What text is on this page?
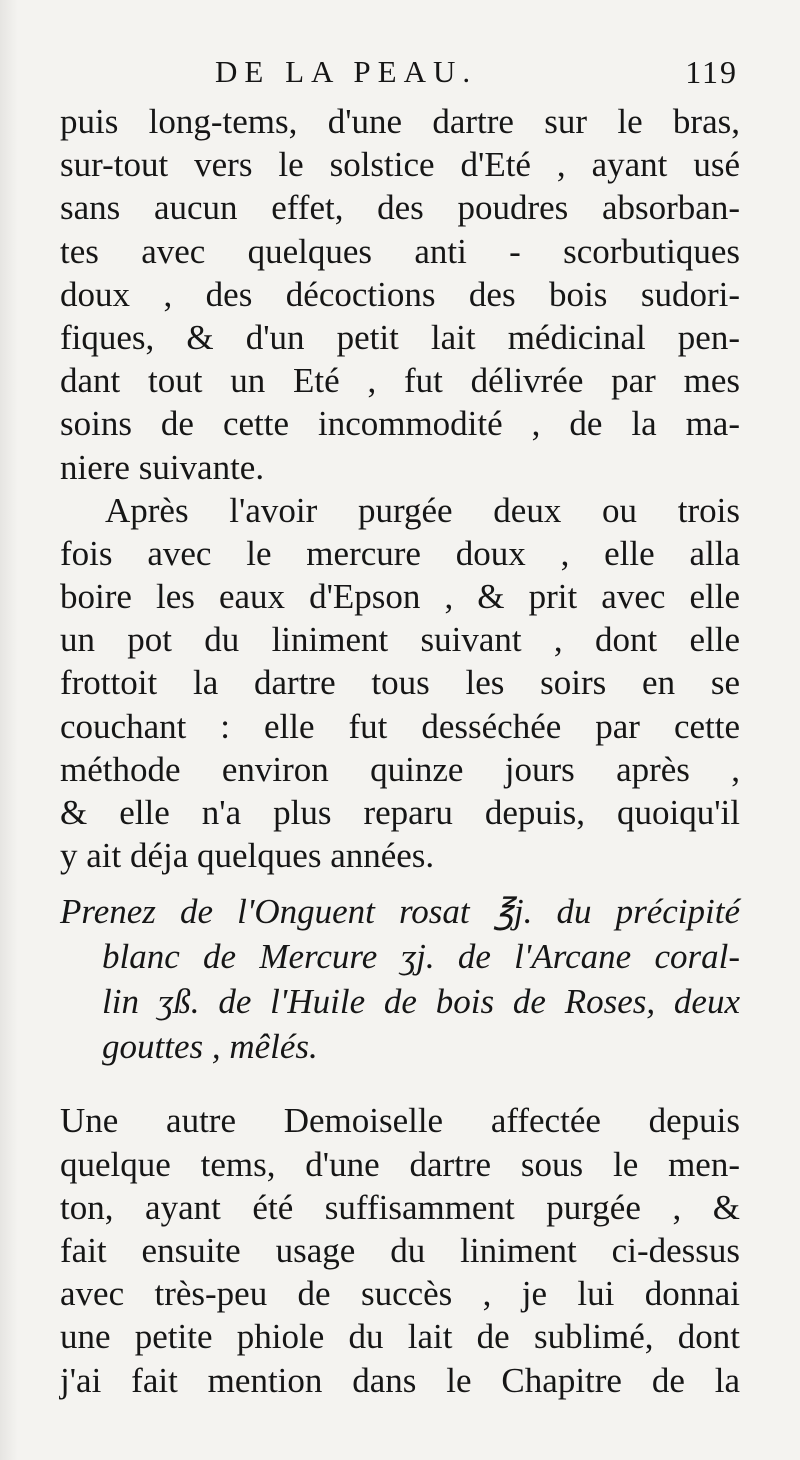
DE LA PEAU.	119
puis long-tems, d'une dartre sur le bras,
sur-tout vers le solstice d'Eté , ayant usé
sans aucun effet, des poudres absorban-
tes avec quelques anti - scorbutiques
doux , des décoctions des bois sudori-
fiques, & d'un petit lait médicinal pen-
dant tout un Eté , fut délivrée par mes
soins de cette incommodité , de la ma-
niere suivante.
Après l'avoir purgée deux ou trois
fois avec le mercure doux , elle alla
boire les eaux d'Epson , & prit avec elle
un pot du liniment suivant , dont elle
frottoit la dartre tous les soirs en se
couchant : elle fut desséchée par cette
méthode environ quinze jours après ,
& elle n'a plus reparu depuis, quoiqu'il
y ait déja quelques années.
Prenez de l'Onguent rosat ℥j. du précipité
blanc de Mercure ʒj. de l'Arcane coral-
lin ʒß. de l'Huile de bois de Roses, deux
gouttes , mêlés.
Une autre Demoiselle affectée depuis
quelque tems, d'une dartre sous le men-
ton, ayant été suffisamment purgée , &
fait ensuite usage du liniment ci-dessus
avec très-peu de succès , je lui donnai
une petite phiole du lait de sublimé, dont
j'ai fait mention dans le Chapitre de la
